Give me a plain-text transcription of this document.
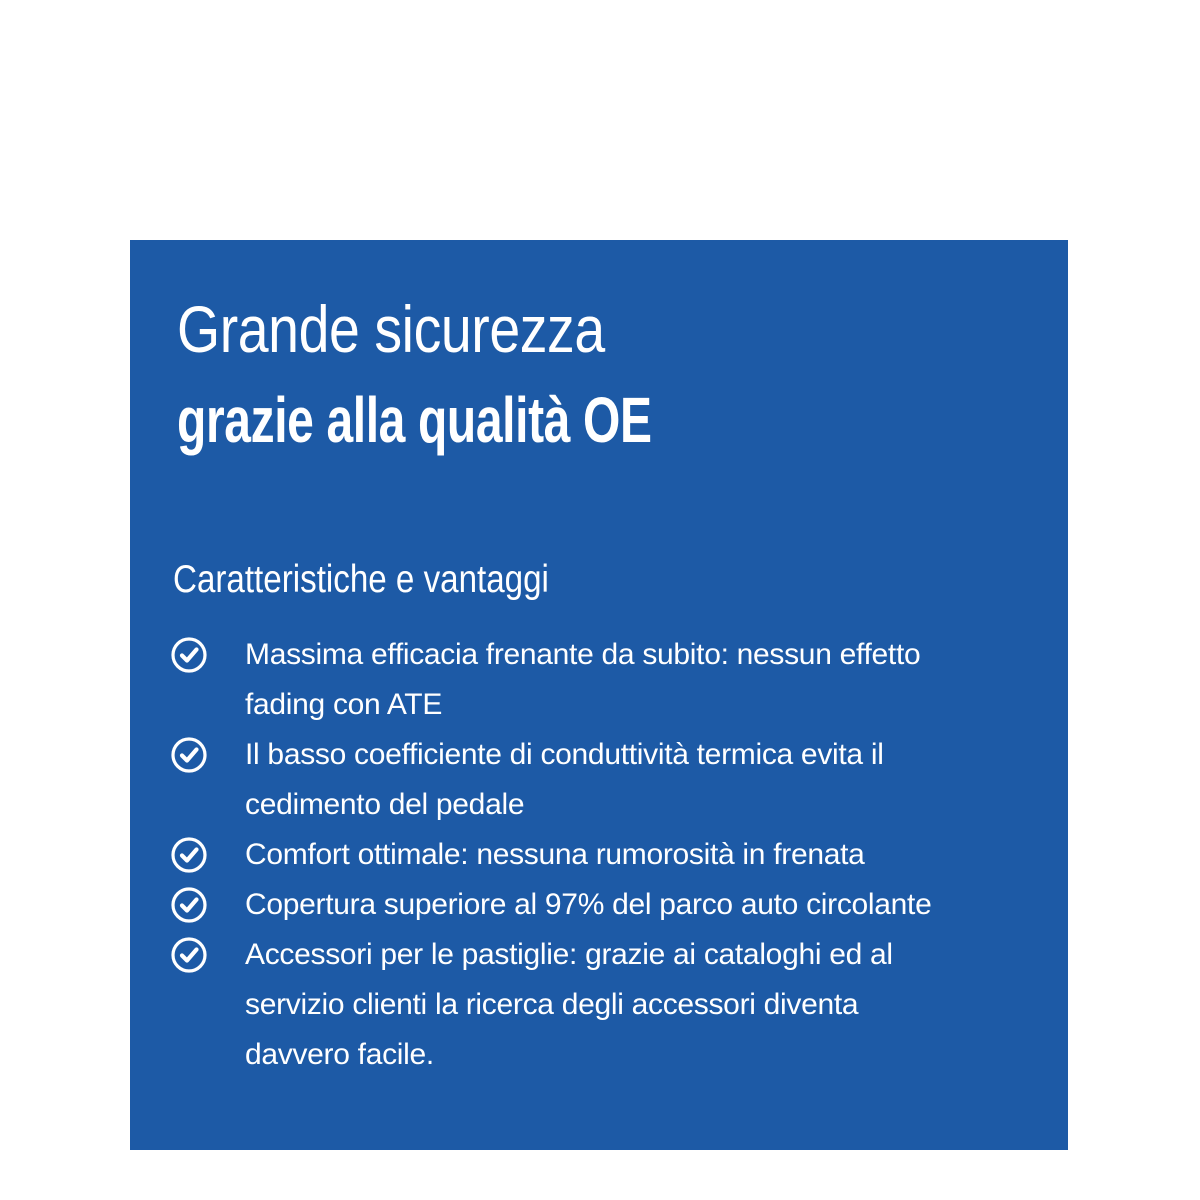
Grande sicurezza
grazie alla qualità OE
Caratteristiche e vantaggi
Massima efficacia frenante da subito: nessun effetto
fading con ATE
Il basso coefficiente di conduttività termica evita il
cedimento del pedale
Comfort ottimale: nessuna rumorosità in frenata
Copertura superiore al 97% del parco auto circolante
Accessori per le pastiglie: grazie ai cataloghi ed al
servizio clienti la ricerca degli accessori diventa
davvero facile.
